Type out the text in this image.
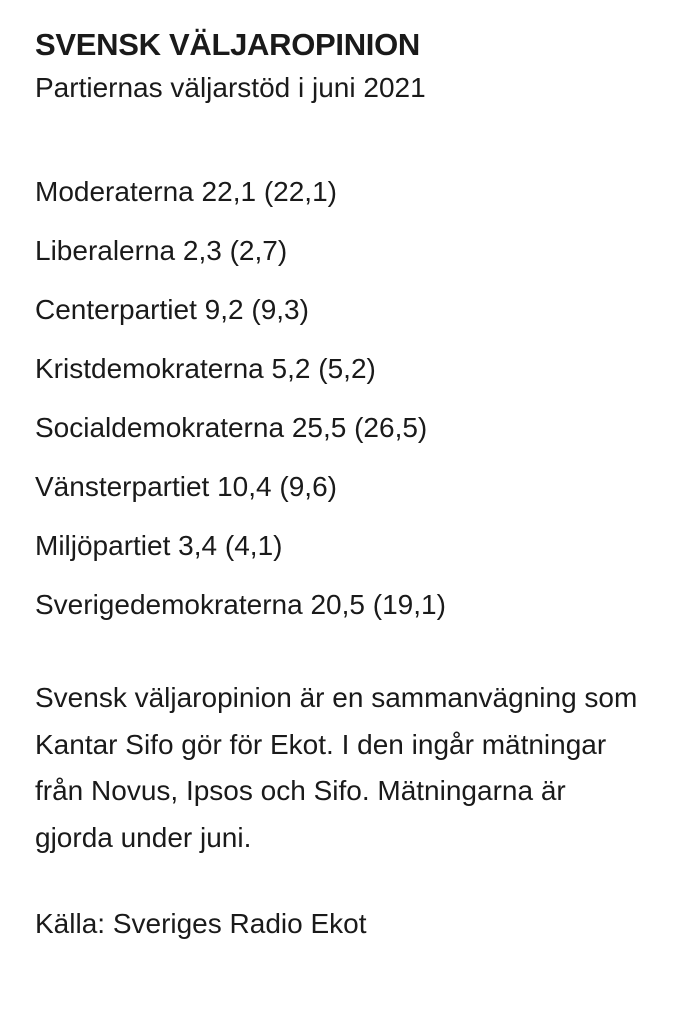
SVENSK VÄLJAROPINION

Partiernas väljarstöd i juni 2021

Moderaterna 22,1 (22,1)
Liberalerna 2,3 (2,7)
Centerpartiet 9,2 (9,3)
Kristdemokraterna 5,2 (5,2)
Socialdemokraterna 25,5 (26,5)
Vänsterpartiet 10,4 (9,6)
Miljöpartiet 3,4 (4,1)
Sverigedemokraterna 20,5 (19,1)

Svensk väljaropinion är en sammanvägning som Kantar Sifo gör för Ekot. I den ingår mätningar från Novus, Ipsos och Sifo. Mätningarna är gjorda under juni.

Källa: Sveriges Radio Ekot
